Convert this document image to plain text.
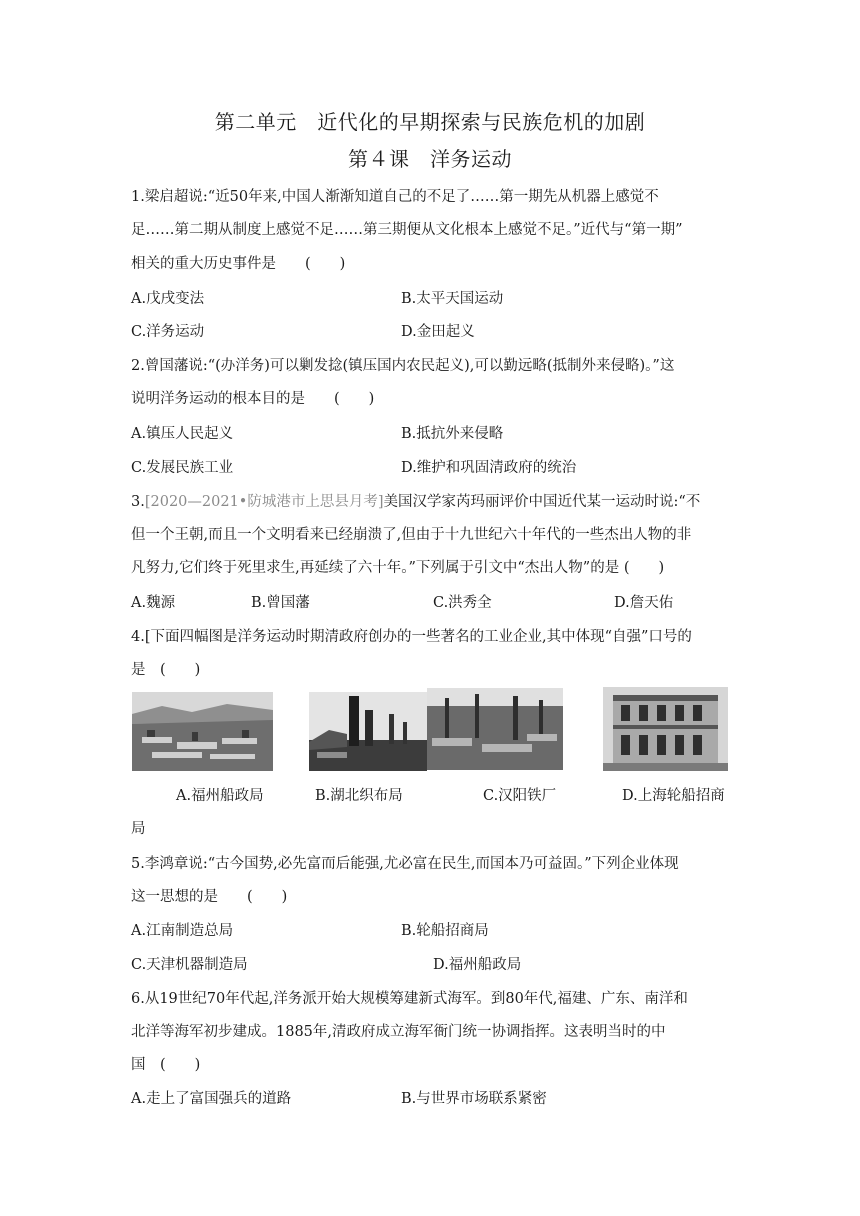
第二单元　近代化的早期探索与民族危机的加剧
第４课　洋务运动
1.梁启超说:“近50年来,中国人渐渐知道自己的不足了……第一期先从机器上感觉不
足……第二期从制度上感觉不足……第三期便从文化根本上感觉不足。”近代与“第一期”
相关的重大历史事件是　　(　　)
A.戊戌变法	B.太平天国运动
C.洋务运动	D.金田起义
2.曾国藩说:“(办洋务)可以剿发捻(镇压国内农民起义),可以勤远略(抵制外来侵略)。”这
说明洋务运动的根本目的是　　(　　)
A.镇压人民起义	B.抵抗外来侵略
C.发展民族工业	D.维护和巩固清政府的统治
3.[2020—2021•防城港市上思县月考]美国汉学家芮玛丽评价中国近代某一运动时说:“不
但一个王朝,而且一个文明看来已经崩溃了,但由于十九世纪六十年代的一些杰出人物的非
凡努力,它们终于死里求生,再延续了六十年。”下列属于引文中“杰出人物”的是 (　　)
A.魏源	B.曾国藩	C.洪秀全	D.詹天佑
4.[下面四幅图是洋务运动时期清政府创办的一些著名的工业企业,其中体现“自强”口号的
是　(　　)
A.福州船政局	B.湖北织布局	C.汉阳铁厂	D.上海轮船招商
局
5.李鸿章说:“古今国势,必先富而后能强,尤必富在民生,而国本乃可益固。”下列企业体现
这一思想的是　　(　　)
A.江南制造总局	B.轮船招商局
C.天津机器制造局	D.福州船政局
6.从19世纪70年代起,洋务派开始大规模筹建新式海军。到80年代,福建、广东、南洋和
北洋等海军初步建成。1885年,清政府成立海军衙门统一协调指挥。这表明当时的中
国　(　　)
A.走上了富国强兵的道路	B.与世界市场联系紧密
